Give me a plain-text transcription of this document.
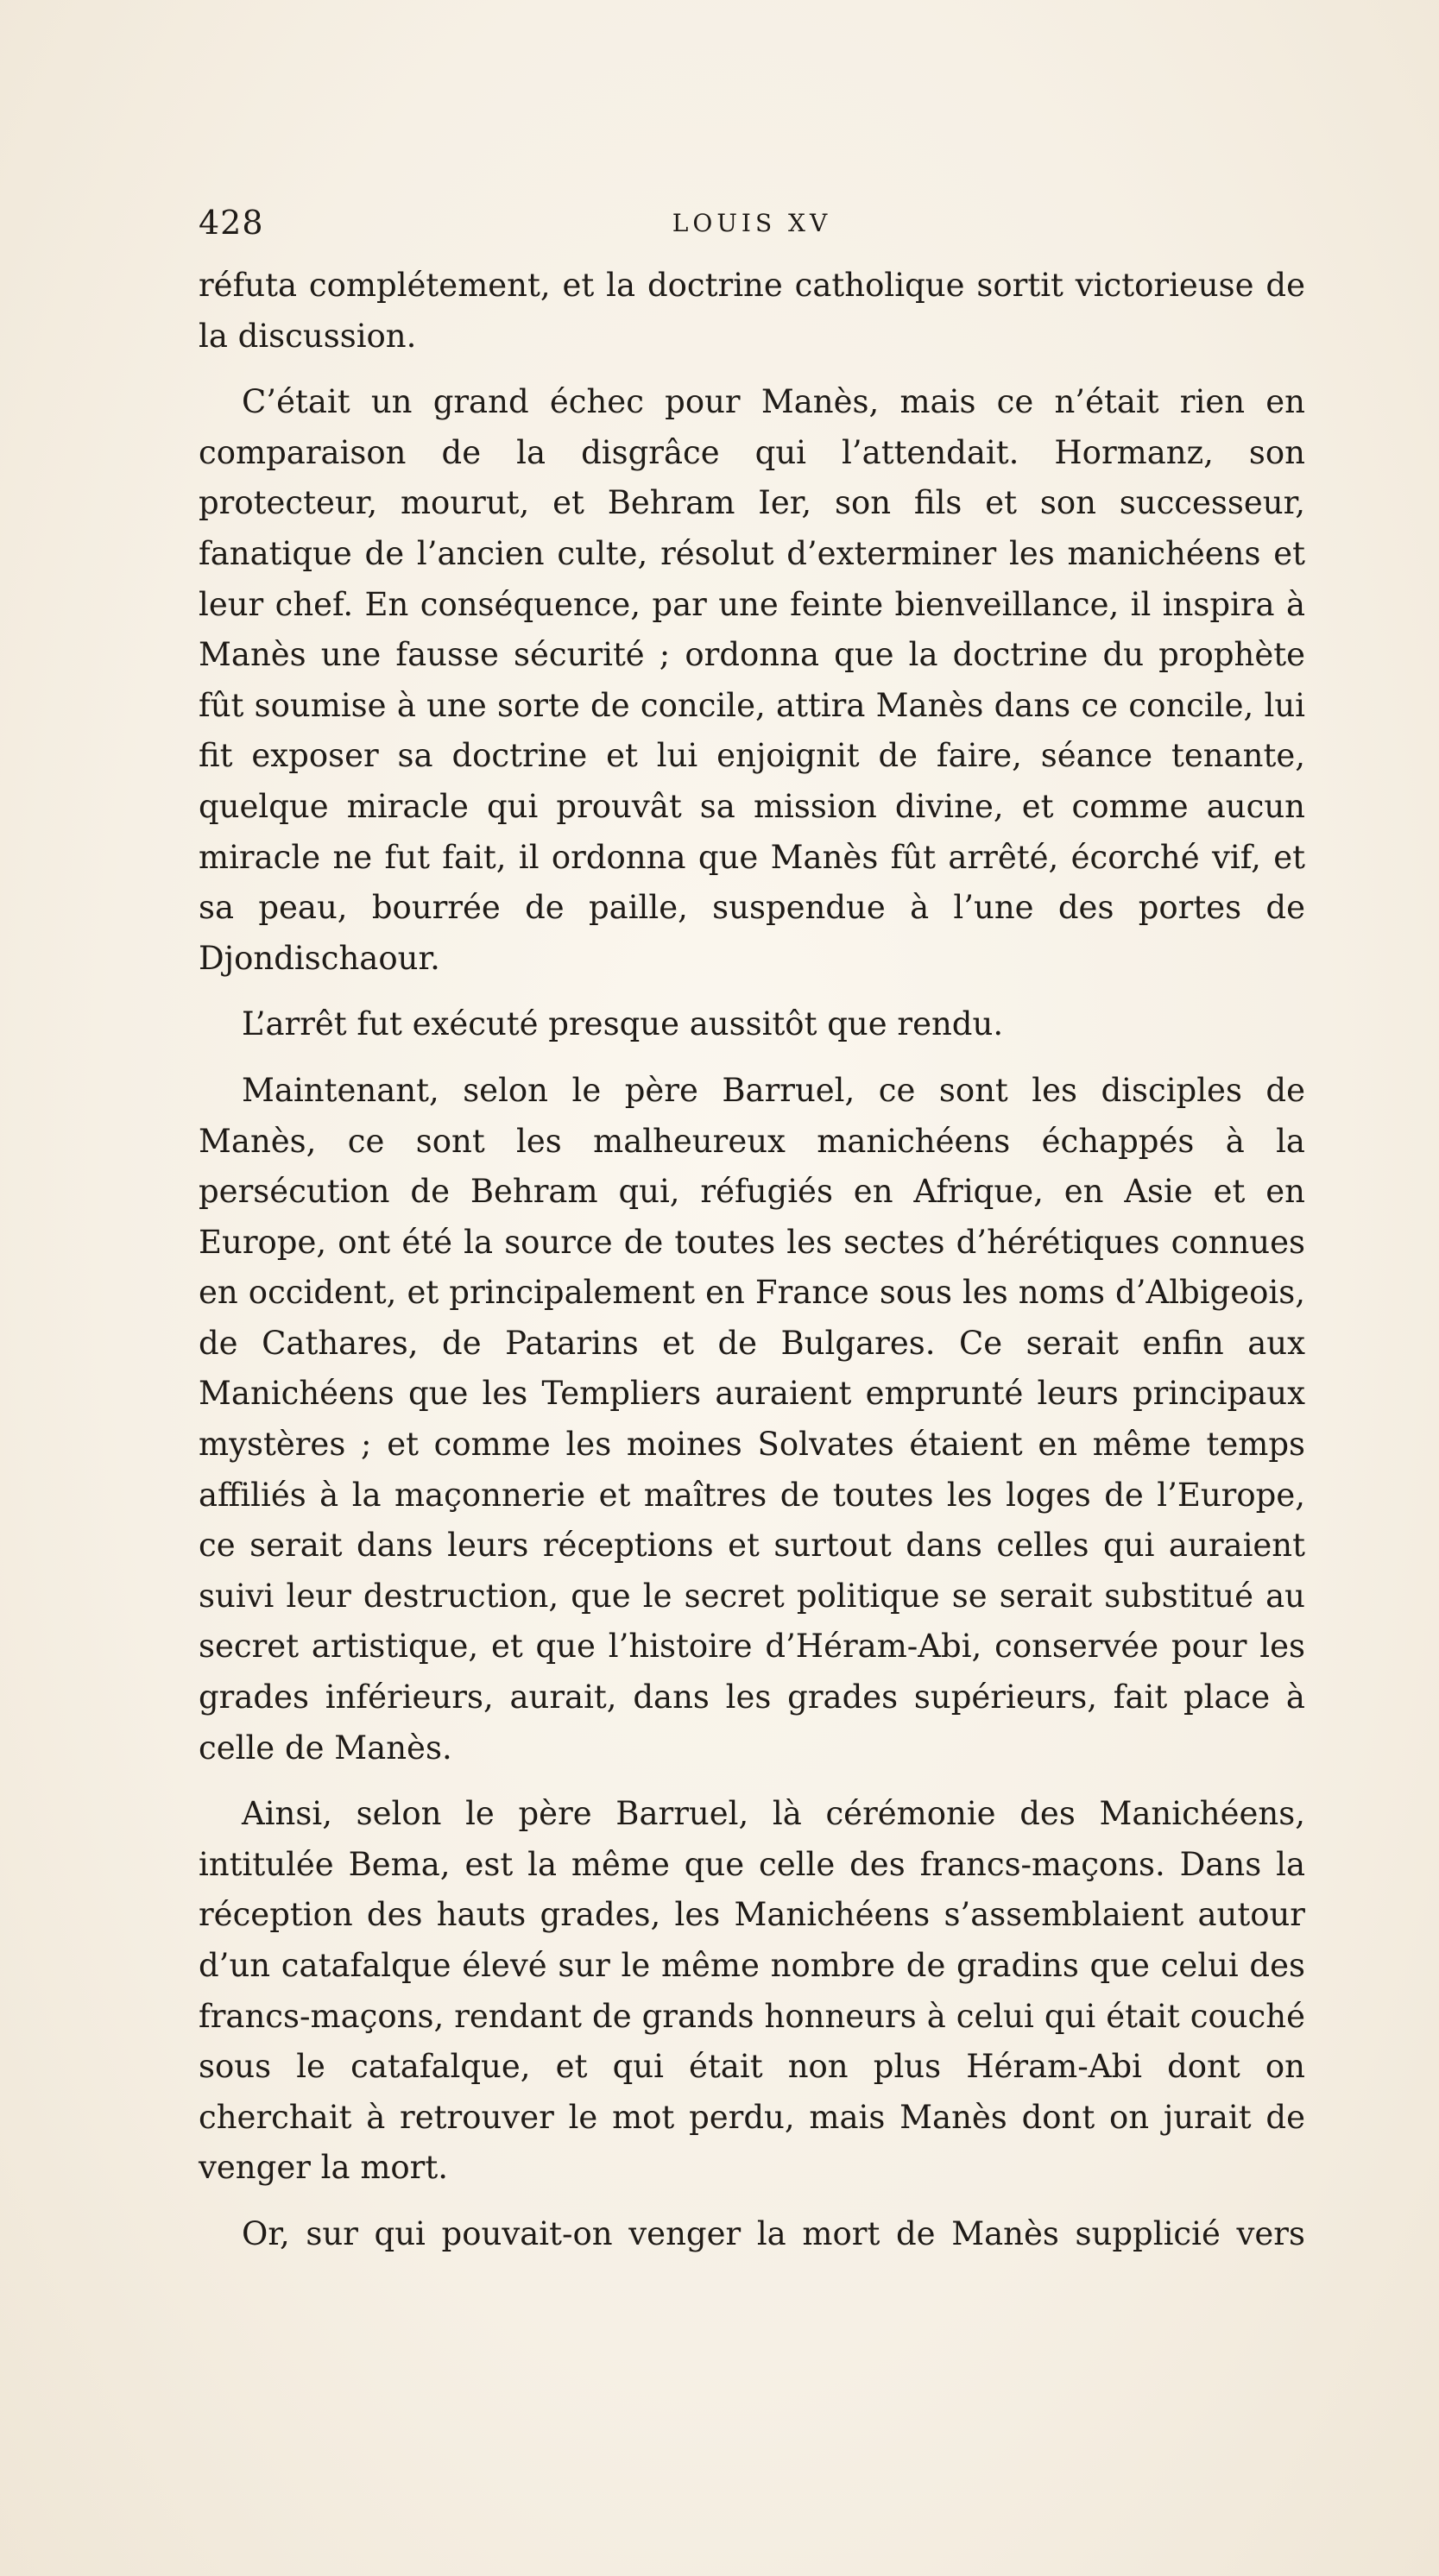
428	LOUIS XV

réfuta complétement, et la doctrine catholique sortit victorieuse de la discussion.

C’était un grand échec pour Manès, mais ce n’était rien en comparaison de la disgrâce qui l’attendait. Hormanz, son protecteur, mourut, et Behram Ier, son fils et son successeur, fanatique de l’ancien culte, résolut d’exterminer les manichéens et leur chef. En conséquence, par une feinte bienveillance, il inspira à Manès une fausse sécurité ; ordonna que la doctrine du prophète fût soumise à une sorte de concile, attira Manès dans ce concile, lui fit exposer sa doctrine et lui enjoignit de faire, séance tenante, quelque miracle qui prouvât sa mission divine, et comme aucun miracle ne fut fait, il ordonna que Manès fût arrêté, écorché vif, et sa peau, bourrée de paille, suspendue à l’une des portes de Djondischaour.

L’arrêt fut exécuté presque aussitôt que rendu.

Maintenant, selon le père Barruel, ce sont les disciples de Manès, ce sont les malheureux manichéens échappés à la persécution de Behram qui, réfugiés en Afrique, en Asie et en Europe, ont été la source de toutes les sectes d’hérétiques connues en occident, et principalement en France sous les noms d’Albigeois, de Cathares, de Patarins et de Bulgares. Ce serait enfin aux Manichéens que les Templiers auraient emprunté leurs principaux mystères ; et comme les moines Solvates étaient en même temps affiliés à la maçonnerie et maîtres de toutes les loges de l’Europe, ce serait dans leurs réceptions et surtout dans celles qui auraient suivi leur destruction, que le secret politique se serait substitué au secret artistique, et que l’histoire d’Héram-Abi, conservée pour les grades inférieurs, aurait, dans les grades supérieurs, fait place à celle de Manès.

Ainsi, selon le père Barruel, là cérémonie des Manichéens, intitulée Bema, est la même que celle des francs-maçons. Dans la réception des hauts grades, les Manichéens s’assemblaient autour d’un catafalque élevé sur le même nombre de gradins que celui des francs-maçons, rendant de grands honneurs à celui qui était couché sous le catafalque, et qui était non plus Héram-Abi dont on cherchait à retrouver le mot perdu, mais Manès dont on jurait de venger la mort.

Or, sur qui pouvait-on venger la mort de Manès supplicié vers
